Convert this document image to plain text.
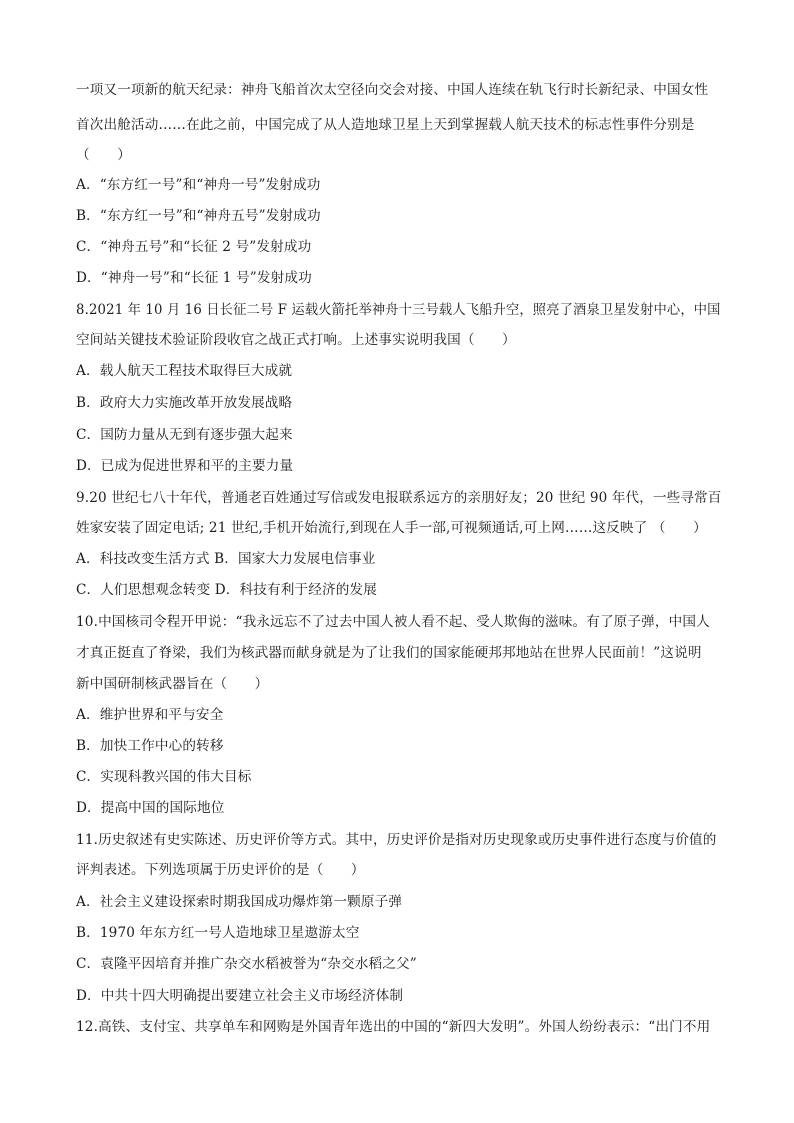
一项又一项新的航天纪录：神舟飞船首次太空径向交会对接、中国人连续在轨飞行时长新纪录、中国女性
首次出舱活动……在此之前，中国完成了从人造地球卫星上天到掌握载人航天技术的标志性事件分别是
（　　）
A．“东方红一号”和“神舟一号”发射成功
B．“东方红一号”和“神舟五号”发射成功
C．“神舟五号”和“长征 2 号”发射成功
D．“神舟一号”和“长征 1 号”发射成功
8.2021 年 10 月 16 日长征二号 F 运载火箭托举神舟十三号载人飞船升空，照亮了酒泉卫星发射中心，中国
空间站关键技术验证阶段收官之战正式打响。上述事实说明我国（　　）
A．载人航天工程技术取得巨大成就
B．政府大力实施改革开放发展战略
C．国防力量从无到有逐步强大起来
D．已成为促进世界和平的主要力量
9.20 世纪七八十年代，普通老百姓通过写信或发电报联系远方的亲朋好友；20 世纪 90 年代，一些寻常百
姓家安装了固定电话; 21 世纪,手机开始流行,到现在人手一部,可视频通话,可上网……这反映了 （　　）
A．科技改变生活方式 B．国家大力发展电信事业
C．人们思想观念转变 D．科技有利于经济的发展
10.中国核司令程开甲说：“我永远忘不了过去中国人被人看不起、受人欺侮的滋味。有了原子弹，中国人
才真正挺直了脊梁，我们为核武器而献身就是为了让我们的国家能硬邦邦地站在世界人民面前！”这说明
新中国研制核武器旨在（　　）
A．维护世界和平与安全
B．加快工作中心的转移
C．实现科教兴国的伟大目标
D．提高中国的国际地位
11.历史叙述有史实陈述、历史评价等方式。其中，历史评价是指对历史现象或历史事件进行态度与价值的
评判表述。下列选项属于历史评价的是（　　）
A．社会主义建设探索时期我国成功爆炸第一颗原子弹
B．1970 年东方红一号人造地球卫星遨游太空
C．袁隆平因培育并推广杂交水稻被誉为“杂交水稻之父”
D．中共十四大明确提出要建立社会主义市场经济体制
12.高铁、支付宝、共享单车和网购是外国青年选出的中国的“新四大发明”。外国人纷纷表示：“出门不用
